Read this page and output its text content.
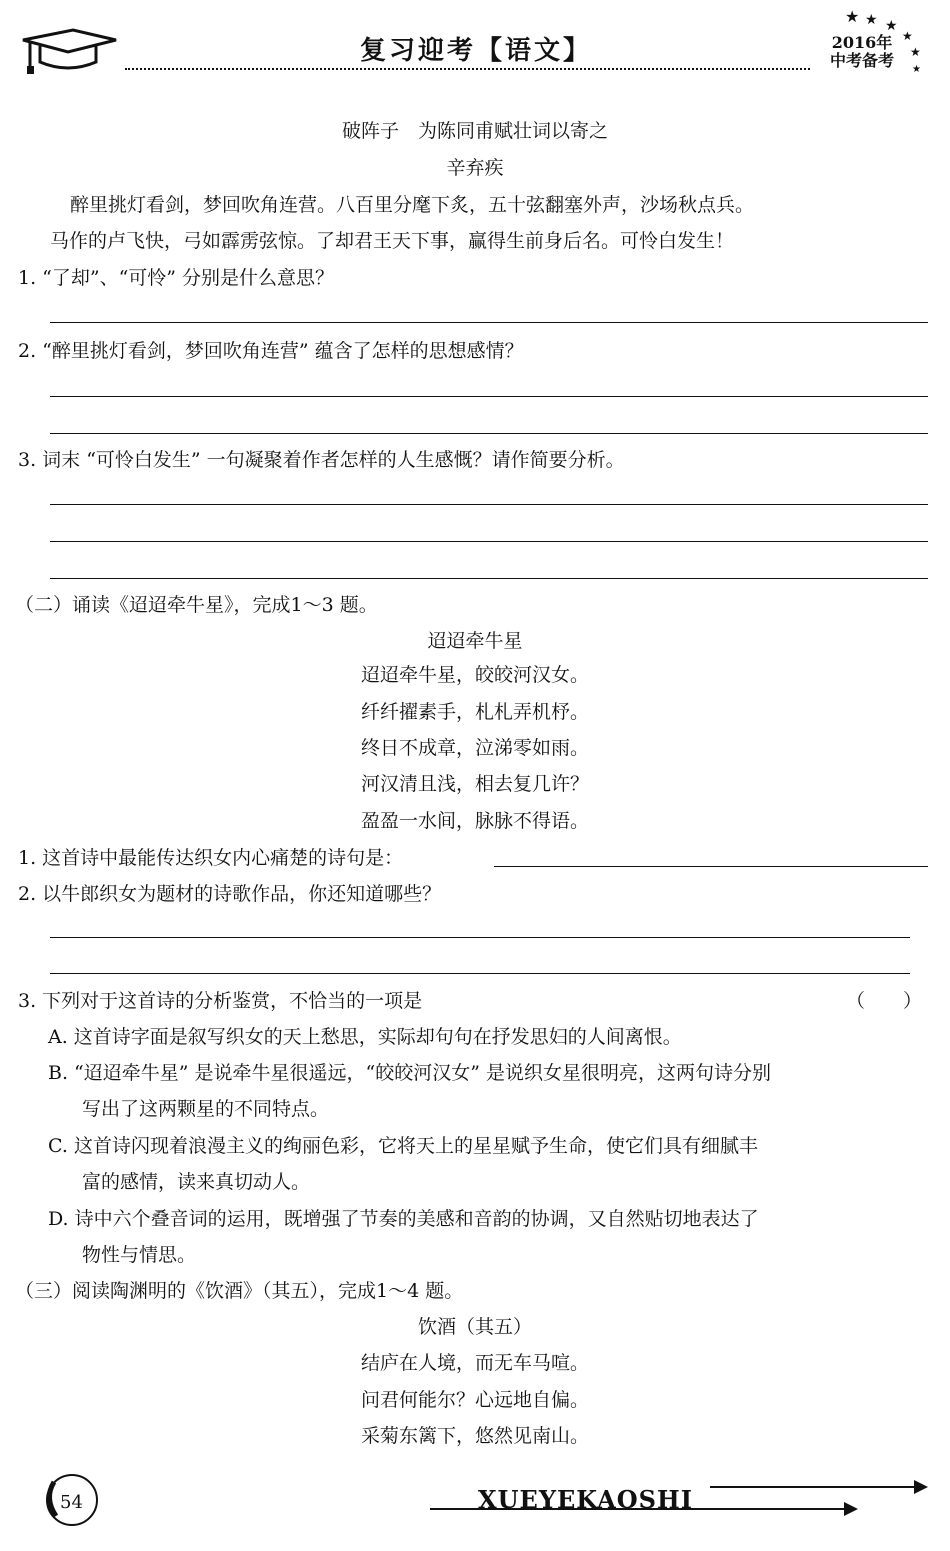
复习迎考【语文】
★ ★ ★
★
★
★
2016年
中考备考
破阵子　为陈同甫赋壮词以寄之
辛弃疾
醉里挑灯看剑，梦回吹角连营。八百里分麾下炙，五十弦翻塞外声，沙场秋点兵。
马作的卢飞快，弓如霹雳弦惊。了却君王天下事，赢得生前身后名。可怜白发生！
1. “了却”、“可怜” 分别是什么意思？
2. “醉里挑灯看剑，梦回吹角连营” 蕴含了怎样的思想感情？
3. 词末 “可怜白发生” 一句凝聚着作者怎样的人生感慨？请作简要分析。
（二）诵读《迢迢牵牛星》，完成1～3 题。
迢迢牵牛星
迢迢牵牛星，皎皎河汉女。
纤纤擢素手，札札弄机杼。
终日不成章，泣涕零如雨。
河汉清且浅，相去复几许？
盈盈一水间，脉脉不得语。
1. 这首诗中最能传达织女内心痛楚的诗句是：
2. 以牛郎织女为题材的诗歌作品，你还知道哪些？
3. 下列对于这首诗的分析鉴赏，不恰当的一项是	（　　）
A. 这首诗字面是叙写织女的天上愁思，实际却句句在抒发思妇的人间离恨。
B. “迢迢牵牛星” 是说牵牛星很遥远，“皎皎河汉女” 是说织女星很明亮，这两句诗分别
写出了这两颗星的不同特点。
C. 这首诗闪现着浪漫主义的绚丽色彩，它将天上的星星赋予生命，使它们具有细腻丰
富的感情，读来真切动人。
D. 诗中六个叠音词的运用，既增强了节奏的美感和音韵的协调，又自然贴切地表达了
物性与情思。
（三）阅读陶渊明的《饮酒》（其五），完成1～4 题。
饮酒（其五）
结庐在人境，而无车马喧。
问君何能尔？心远地自偏。
采菊东篱下，悠然见南山。
54	XUEYEKAOSHI
